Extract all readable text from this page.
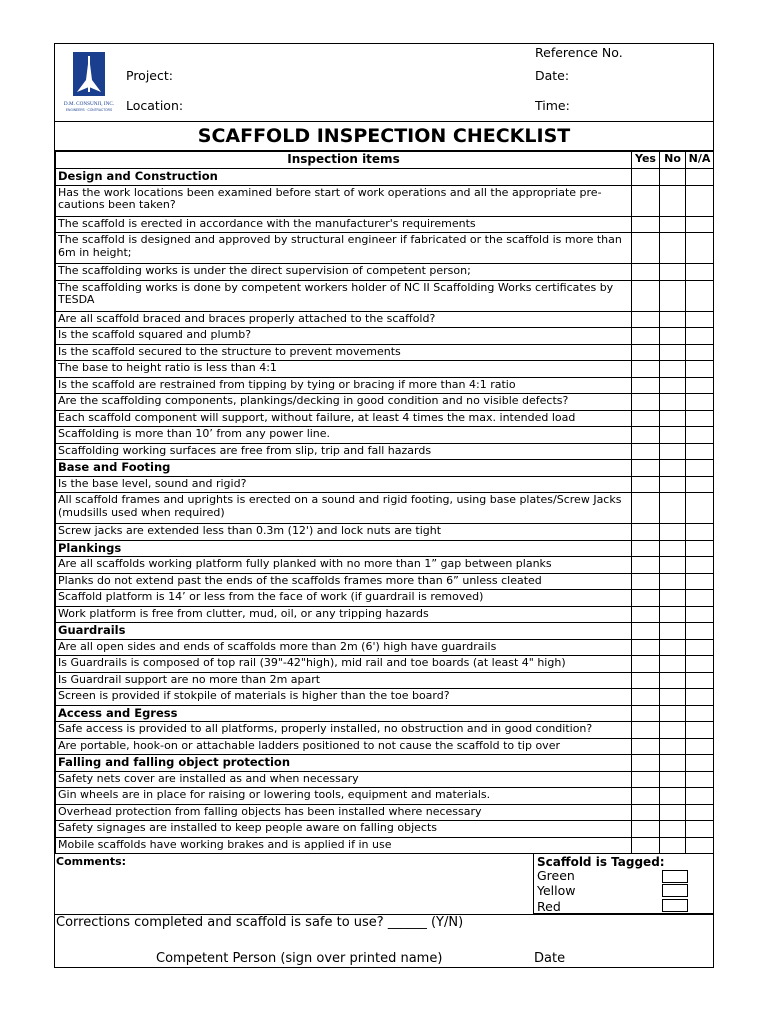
D.M. CONSUNJI, INC.
ENGINEERS · CONTRACTORS
Project:
Location:
Reference No.
Date:
Time:
SCAFFOLD INSPECTION CHECKLIST
Inspection items	Yes	No	N/A
Design and Construction			
Has the work locations been examined before start of work operations and all the appropriate pre-cautions been taken?			
The scaffold is erected in accordance with the manufacturer's requirements			
The scaffold is designed and approved by structural engineer if fabricated or the scaffold is more than 6m in height;			
The scaffolding works is under the direct supervision of competent person;			
The scaffolding works is done by competent workers holder of NC II Scaffolding Works certificates by TESDA			
Are all scaffold braced and braces properly attached to the scaffold?			
Is the scaffold squared and plumb?			
Is the scaffold secured to the structure to prevent movements			
The base to height ratio is less than 4:1			
Is the scaffold are restrained from tipping by tying or bracing if more than 4:1 ratio			
Are the scaffolding components, plankings/decking in good condition and no visible defects?			
Each scaffold component will support, without failure, at least 4 times the max. intended load			
Scaffolding is more than 10’ from any power line.			
Scaffolding working surfaces are free from slip, trip and fall hazards			
Base and Footing			
Is the base level, sound and rigid?			
All scaffold frames and uprights is erected on a sound and rigid footing, using base plates/Screw Jacks (mudsills used when required)			
Screw jacks are extended less than 0.3m (12') and lock nuts are tight			
Plankings			
Are all scaffolds working platform fully planked with no more than 1” gap between planks			
Planks do not extend past the ends of the scaffolds frames more than 6” unless cleated			
Scaffold platform is 14’ or less from the face of work (if guardrail is removed)			
Work platform is free from clutter, mud, oil, or any tripping hazards			
Guardrails			
Are all open sides and ends of scaffolds more than 2m (6') high have guardrails			
Is Guardrails is composed of top rail (39"-42"high), mid rail and toe boards (at least 4" high)			
Is Guardrail support are no more than 2m apart			
Screen is provided if stokpile of materials is higher than the toe board?			
Access and Egress			
Safe access is provided to all platforms, properly installed, no obstruction and in good condition?			
Are portable, hook-on or attachable ladders positioned to not cause the scaffold to tip over			
Falling and falling object protection			
Safety nets cover are installed as and when necessary			
Gin wheels are in place for raising or lowering tools, equipment and materials.			
Overhead protection from falling objects has been installed where necessary			
Safety signages are installed to keep people aware on falling objects			
Mobile scaffolds have working brakes and is applied if in use			
Comments:	Scaffold is Tagged:
Green
Yellow
Red
Corrections completed and scaffold is safe to use? ______ (Y/N)
Competent Person (sign over printed name)	Date
